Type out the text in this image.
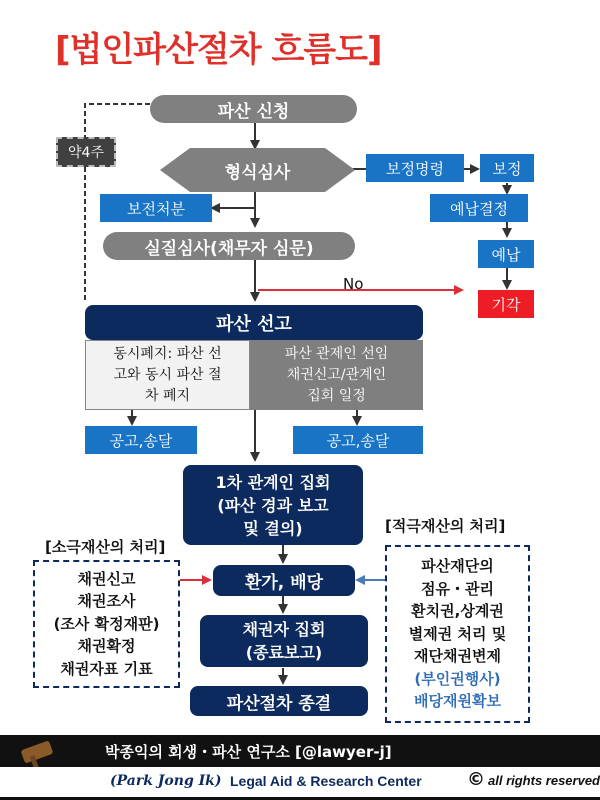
[법인파산절차 흐름도]
파산 신청
약4주
형식심사	보정명령	보정
예납결정
예납
기각
보전처분
실질심사(채무자 심문)
No
파산 선고
동시폐지: 파산 선
고와 동시 파산 절
차 폐지
파산 관제인 선임
채권신고/관계인
집회 일정
공고,송달	공고,송달
1차 관계인 집회
(파산 경과 보고
및 결의)
[소극재산의 처리]
[적극재산의 처리]
채권신고
채권조사
(조사 확정재판)
채권확정
채권자표 기표
환가, 배당
파산재단의
점유・관리
환치권,상계권
별제권 처리 및
재단채권변제
(부인권행사)
배당재원확보
채권자 집회
(종료보고)
파산절차 종결
박종익의 회생・파산 연구소 [@lawyer-j]
(Park Jong Ik) Legal Aid & Research Center	© all rights reserved
